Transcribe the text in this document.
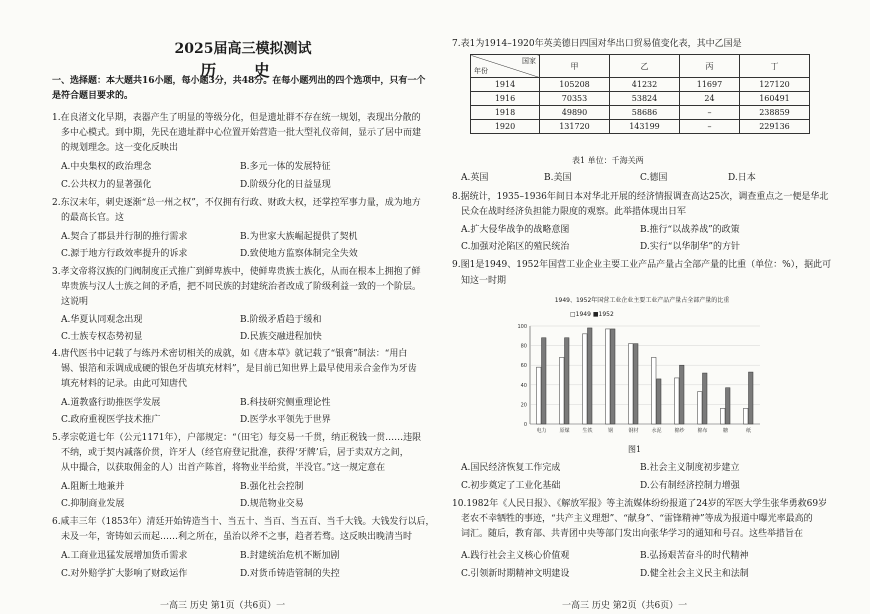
2025届高三模拟测试
历 史
一、选择题：本大题共16小题，每小题3分，共48分。在每小题列出的四个选项中，只有一个
是符合题目要求的。
1.在良渚文化早期，表器产生了明显的等级分化，但是遗址群不存在统一规划，表现出分散的
多中心模式。到中期，先民在遗址群中心位置开始营造一批大型礼仪帝间，显示了居中而建
的规划理念。这一变化反映出
A.中央集权的政治理念	B.多元一体的发展特征
C.公共权力的显著强化	D.阶级分化的日益显现
2.东汉末年，刺史逐渐“总一州之权”，不仅拥有行政、财政大权，还掌控军事力量，成为地方
的最高长官。这
A.契合了郡县并行制的推行需求	B.为世家大族崛起提供了契机
C.源于地方行政效率提升的诉求	D.致使地方监察体制完全失效
3.孝文帝将汉族的门阀制度正式推广到鲜卑族中，使鲜卑贵族士族化，从而在根本上拥抱了鲜
卑贵族与汉人士族之间的矛盾，把不同民族的封建统治者改成了阶级利益一致的一个阶层。
这说明
A.华夏认同观念出现	B.阶级矛盾趋于缓和
C.士族专权态势初显	D.民族交融进程加快
4.唐代医书中记载了与练丹术密切相关的成就，如《唐本草》就记载了“银膏”制法：“用白
锡、银箔和汞调成成硬的银色牙齿填充材料”，是目前已知世界上最早使用汞合金作为牙齿
填充材料的记录。由此可知唐代
A.道教盛行助推医学发展	B.科技研究侧重理论性
C.政府重视医学技术推广	D.医学水平领先于世界
5.孝宗乾道七年（公元1171年），户部规定：“（田宅）每交易一千贯，纳正税钱一贯……违限
不纳，或于契内减落价贯，许牙人（经官府登记批准，获得‘牙牌’后，居于卖双方之间，
从中撮合，以获取佣金的人）出首产陈首，将物业半给赏，半没官。”这一规定意在
A.阻断土地兼并	B.强化社会控制
C.抑制商业发展	D.规范物业交易
6.咸丰三年（1853年）清廷开始铸造当十、当五十、当百、当五百、当千大钱。大钱发行以后，
未及一年，寄铸如云而起……利之所在，虽治以斧不之事，趋者若骛。这反映出晚清当时
A.工商业迅猛发展增加货币需求	B.封建统治危机不断加剧
C.对外赔学扩大影响了财政运作	D.对货币铸造管制的失控
一高三 历史 第1页（共6页）一
7.表1为1914–1920年英美德日四国对华出口贸易值变化表，其中乙国是
国家
年份	甲	乙	丙	丁
1914	105208	41232	11697	127120
1916	70353	53824	24	160491
1918	49890	58686	–	238859
1920	131720	143199	–	229136
表1 单位：千海关两
A.英国	B.美国	C.德国	D.日本
8.据统计，1935–1936年间日本对华北开展的经济情报调查高达25次，调查重点之一便是华北
民众在战时经济负担能力限度的观察。此举措体现出日军
A.扩大侵华战争的战略意图	B.推行“以战养战”的政策
C.加强对沦陷区的殖民统治	D.实行“以华制华”的方针
9.图1是1949、1952年国营工业企业主要工业产品产量占全部产量的比重（单位：%），据此可
知这一时期
1949、1952年国营工业企业主要工业产品产量占全部产量的比重
□1949 ■1952
0
20
40
60
80
100
电力	原煤	生铁	钢	钢材	水泥	棉纱	棉布	糖	纸
图1
A.国民经济恢复工作完成	B.社会主义制度初步建立
C.初步奠定了工业化基础	D.公有制经济控制力增强
10.1982年《人民日报》、《解放军报》等主流媒体纷纷报道了24岁的军医大学生张华勇救69岁
老农不幸牺牲的事迹，“共产主义理想”、“献身”、“雷锋精神”等成为报道中曝光率最高的
词汇。随后，教育部、共青团中央等部门发出向张华学习的通知和号召。这些举措旨在
A.践行社会主义核心价值观	B.弘扬艰苦奋斗的时代精神
C.引领新时期精神文明建设	D.健全社会主义民主和法制
一高三 历史 第2页（共6页）一
